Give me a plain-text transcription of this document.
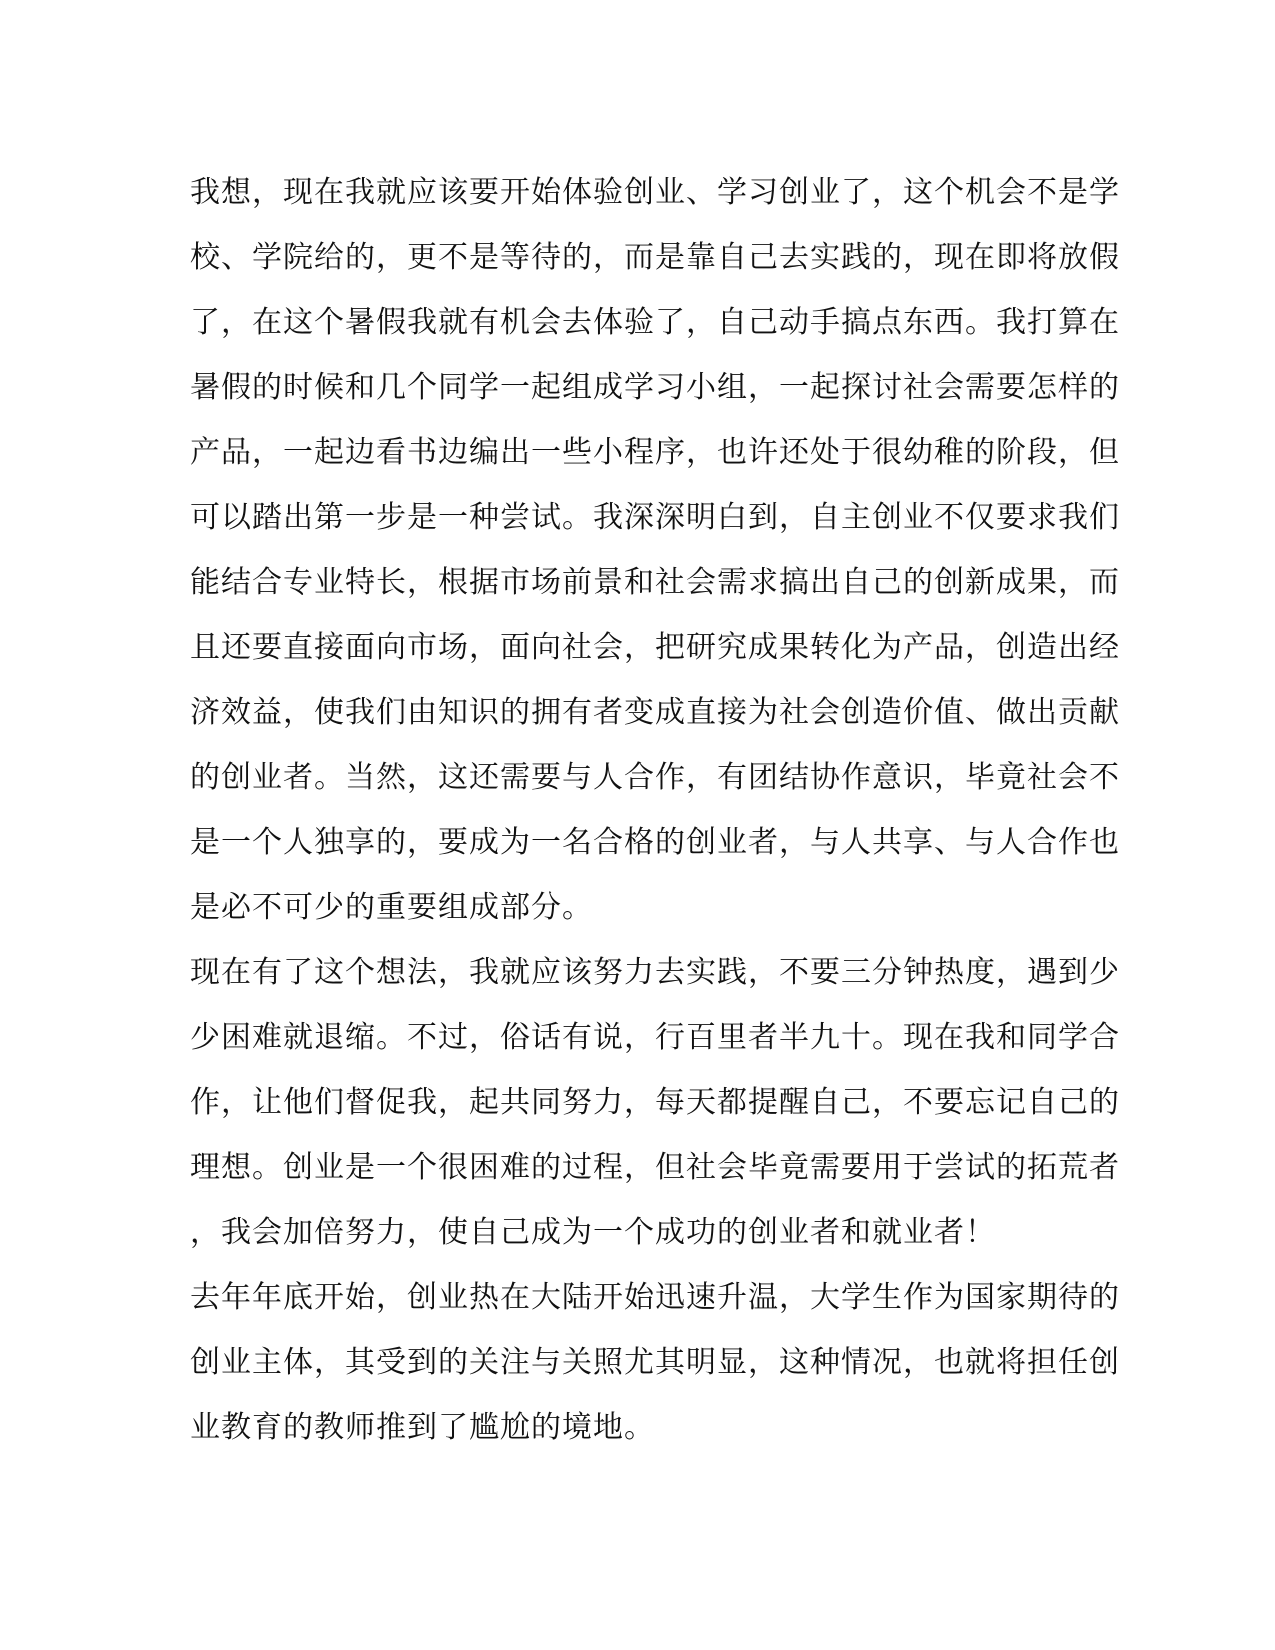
我想，现在我就应该要开始体验创业、学习创业了，这个机会不是学
校、学院给的，更不是等待的，而是靠自己去实践的，现在即将放假
了，在这个暑假我就有机会去体验了，自己动手搞点东西。我打算在
暑假的时候和几个同学一起组成学习小组，一起探讨社会需要怎样的
产品，一起边看书边编出一些小程序，也许还处于很幼稚的阶段，但
可以踏出第一步是一种尝试。我深深明白到，自主创业不仅要求我们
能结合专业特长，根据市场前景和社会需求搞出自己的创新成果，而
且还要直接面向市场，面向社会，把研究成果转化为产品，创造出经
济效益，使我们由知识的拥有者变成直接为社会创造价值、做出贡献
的创业者。当然，这还需要与人合作，有团结协作意识，毕竟社会不
是一个人独享的，要成为一名合格的创业者，与人共享、与人合作也
是必不可少的重要组成部分。
现在有了这个想法，我就应该努力去实践，不要三分钟热度，遇到少
少困难就退缩。不过，俗话有说，行百里者半九十。现在我和同学合
作，让他们督促我，起共同努力，每天都提醒自己，不要忘记自己的
理想。创业是一个很困难的过程，但社会毕竟需要用于尝试的拓荒者
，我会加倍努力，使自己成为一个成功的创业者和就业者！
去年年底开始，创业热在大陆开始迅速升温，大学生作为国家期待的
创业主体，其受到的关注与关照尤其明显，这种情况，也就将担任创
业教育的教师推到了尴尬的境地。
